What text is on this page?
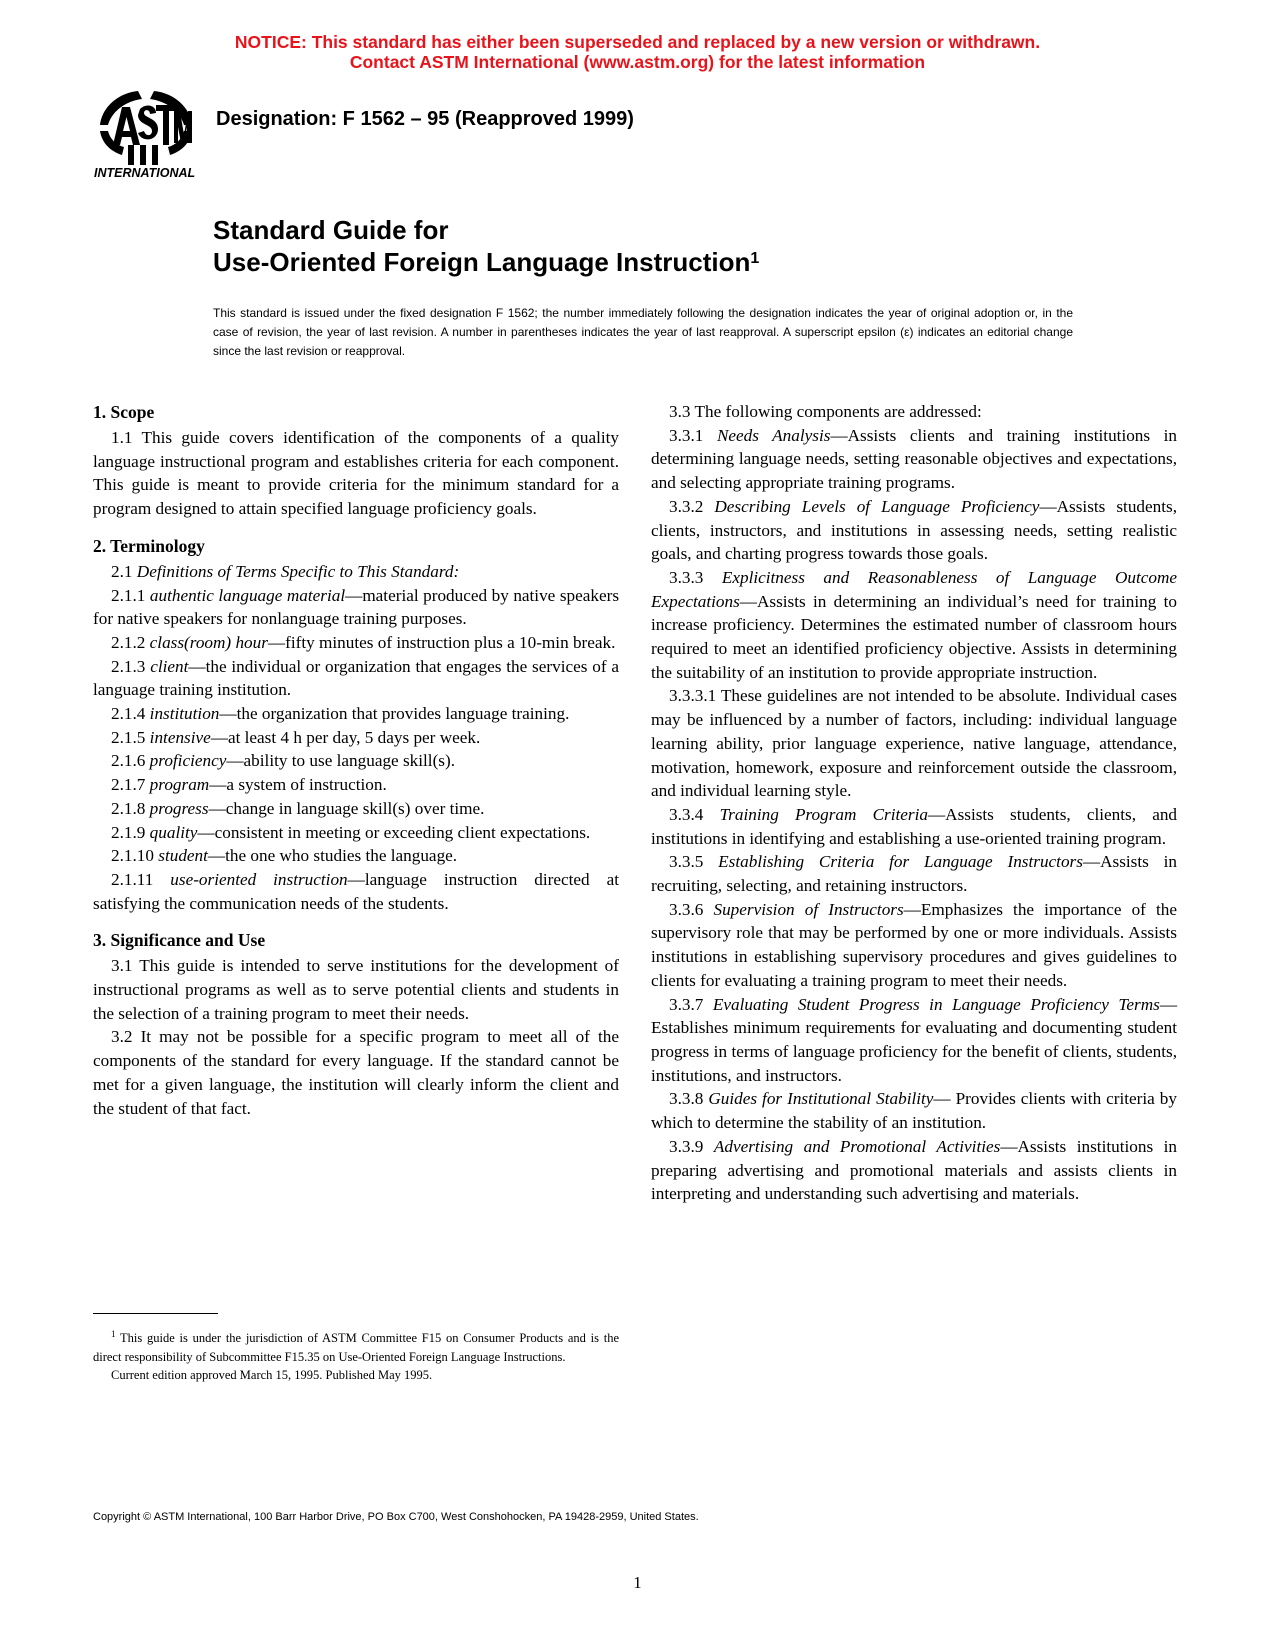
NOTICE: This standard has either been superseded and replaced by a new version or withdrawn.
Contact ASTM International (www.astm.org) for the latest information
INTERNATIONAL
Designation: F 1562 – 95 (Reapproved 1999)
Standard Guide for
Use-Oriented Foreign Language Instruction$^1$
This standard is issued under the fixed designation F 1562; the number immediately following the designation indicates the year of original adoption or, in the case of revision, the year of last revision. A number in parentheses indicates the year of last reapproval. A superscript epsilon (ε) indicates an editorial change since the last revision or reapproval.
1. Scope

1.1 This guide covers identification of the components of a quality language instructional program and establishes criteria for each component. This guide is meant to provide criteria for the minimum standard for a program designed to attain specified language proficiency goals.

2. Terminology

2.1 Definitions of Terms Specific to This Standard:

2.1.1 authentic language material—material produced by native speakers for native speakers for nonlanguage training purposes.

2.1.2 class(room) hour—fifty minutes of instruction plus a 10-min break.

2.1.3 client—the individual or organization that engages the services of a language training institution.

2.1.4 institution—the organization that provides language training.

2.1.5 intensive—at least 4 h per day, 5 days per week.

2.1.6 proficiency—ability to use language skill(s).

2.1.7 program—a system of instruction.

2.1.8 progress—change in language skill(s) over time.

2.1.9 quality—consistent in meeting or exceeding client expectations.

2.1.10 student—the one who studies the language.

2.1.11 use-oriented instruction—language instruction directed at satisfying the communication needs of the students.

3. Significance and Use

3.1 This guide is intended to serve institutions for the development of instructional programs as well as to serve potential clients and students in the selection of a training program to meet their needs.

3.2 It may not be possible for a specific program to meet all of the components of the standard for every language. If the standard cannot be met for a given language, the institution will clearly inform the client and the student of that fact.

3.3 The following components are addressed:

3.3.1 Needs Analysis—Assists clients and training institutions in determining language needs, setting reasonable objectives and expectations, and selecting appropriate training programs.

3.3.2 Describing Levels of Language Proficiency—Assists students, clients, instructors, and institutions in assessing needs, setting realistic goals, and charting progress towards those goals.

3.3.3 Explicitness and Reasonableness of Language Outcome Expectations—Assists in determining an individual’s need for training to increase proficiency. Determines the estimated number of classroom hours required to meet an identified proficiency objective. Assists in determining the suitability of an institution to provide appropriate instruction.

3.3.3.1 These guidelines are not intended to be absolute. Individual cases may be influenced by a number of factors, including: individual language learning ability, prior language experience, native language, attendance, motivation, homework, exposure and reinforcement outside the classroom, and individual learning style.

3.3.4 Training Program Criteria—Assists students, clients, and institutions in identifying and establishing a use-oriented training program.

3.3.5 Establishing Criteria for Language Instructors—Assists in recruiting, selecting, and retaining instructors.

3.3.6 Supervision of Instructors—Emphasizes the importance of the supervisory role that may be performed by one or more individuals. Assists institutions in establishing supervisory procedures and gives guidelines to clients for evaluating a training program to meet their needs.

3.3.7 Evaluating Student Progress in Language Proficiency Terms—Establishes minimum requirements for evaluating and documenting student progress in terms of language proficiency for the benefit of clients, students, institutions, and instructors.

3.3.8 Guides for Institutional Stability— Provides clients with criteria by which to determine the stability of an institution.

3.3.9 Advertising and Promotional Activities—Assists institutions in preparing advertising and promotional materials and assists clients in interpreting and understanding such advertising and materials.

$^1$ This guide is under the jurisdiction of ASTM Committee F15 on Consumer Products and is the direct responsibility of Subcommittee F15.35 on Use-Oriented Foreign Language Instructions.

Current edition approved March 15, 1995. Published May 1995.

Copyright © ASTM International, 100 Barr Harbor Drive, PO Box C700, West Conshohocken, PA 19428-2959, United States.
1
